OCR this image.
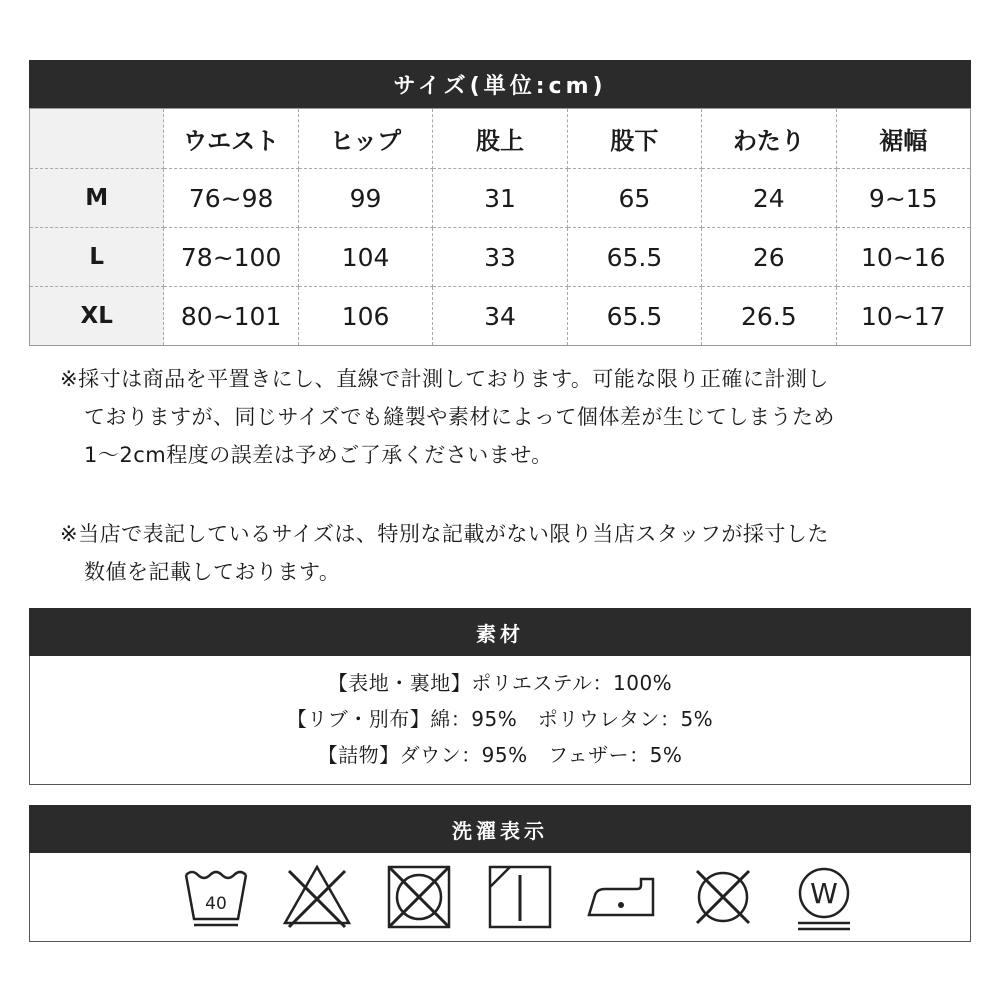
サイズ(単位:cm)
	ウエスト	ヒップ	股上	股下	わたり	裾幅
M	76~98	99	31	65	24	9~15
L	78~100	104	33	65.5	26	10~16
XL	80~101	106	34	65.5	26.5	10~17
※採寸は商品を平置きにし、直線で計測しております。可能な限り正確に計測し
ておりますが、同じサイズでも縫製や素材によって個体差が生じてしまうため
1～2cm程度の誤差は予めご了承くださいませ。
※当店で表記しているサイズは、特別な記載がない限り当店スタッフが採寸した
数値を記載しております。
素材
【表地・裏地】ポリエステル：100%
【リブ・別布】綿：95%　ポリウレタン：5%
【詰物】ダウン：95%　フェザー：5%
洗濯表示
40	W
